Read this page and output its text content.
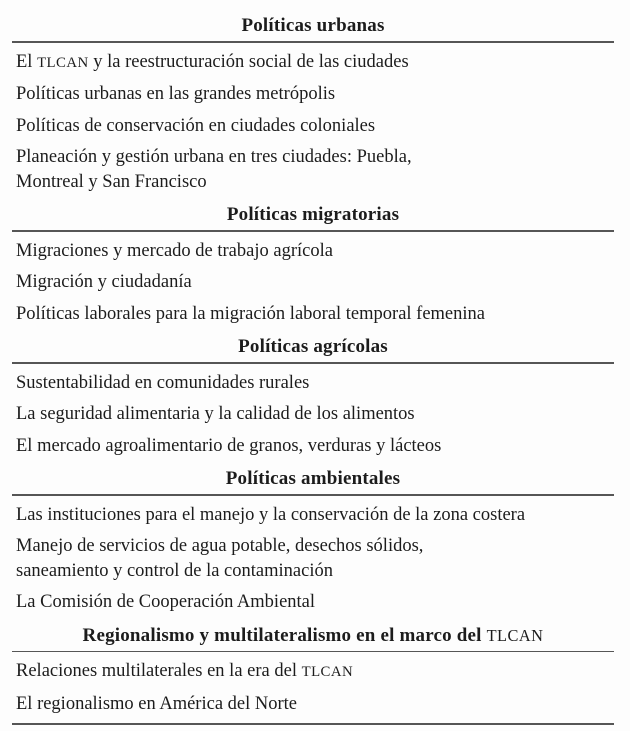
Políticas urbanas
El TLCAN y la reestructuración social de las ciudades
Políticas urbanas en las grandes metrópolis
Políticas de conservación en ciudades coloniales
Planeación y gestión urbana en tres ciudades: Puebla,
Montreal y San Francisco
Políticas migratorias
Migraciones y mercado de trabajo agrícola
Migración y ciudadanía
Políticas laborales para la migración laboral temporal femenina
Políticas agrícolas
Sustentabilidad en comunidades rurales
La seguridad alimentaria y la calidad de los alimentos
El mercado agroalimentario de granos, verduras y lácteos
Políticas ambientales
Las instituciones para el manejo y la conservación de la zona costera
Manejo de servicios de agua potable, desechos sólidos,
saneamiento y control de la contaminación
La Comisión de Cooperación Ambiental
Regionalismo y multilateralismo en el marco del TLCAN
Relaciones multilaterales en la era del TLCAN
El regionalismo en América del Norte
